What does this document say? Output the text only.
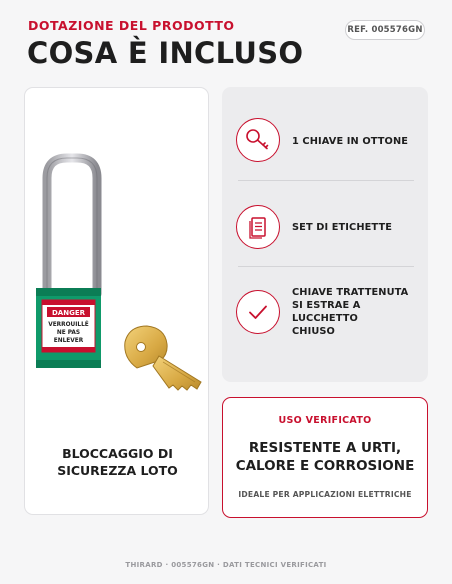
DOTAZIONE DEL PRODOTTO
COSA È INCLUSO
REF. 005576GN
DANGER
VERROUILLÉ
NE PAS
ENLEVER
BLOCCAGGIO DI
SICUREZZA LOTO
1 CHIAVE IN OTTONE
SET DI ETICHETTE
CHIAVE TRATTENUTA
SI ESTRAE A LUCCHETTO
CHIUSO
USO VERIFICATO
RESISTENTE A URTI,
CALORE E CORROSIONE
IDEALE PER APPLICAZIONI ELETTRICHE
THIRARD · 005576GN · DATI TECNICI VERIFICATI
